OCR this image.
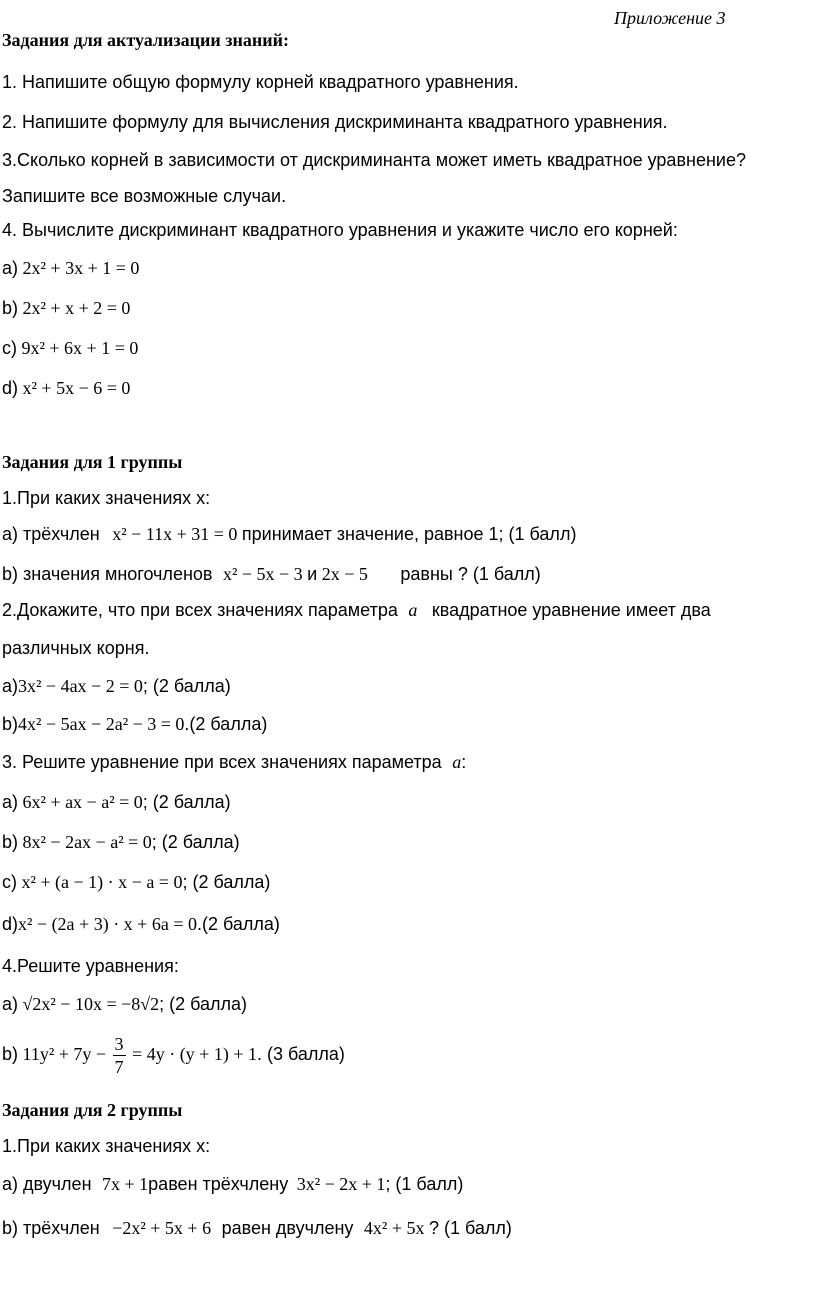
Приложение 3
Задания для актуализации знаний:
1. Напишите общую формулу корней квадратного уравнения.
2. Напишите формулу для вычисления дискриминанта квадратного уравнения.
3.Сколько корней в зависимости от дискриминанта может иметь квадратное уравнение?
Запишите все возможные случаи.
4. Вычислите дискриминант квадратного уравнения и укажите число его корней:
a) 2x² + 3x + 1 = 0
b) 2x² + x + 2 = 0
c) 9x² + 6x + 1 = 0
d) x² + 5x − 6 = 0
Задания для 1 группы
1.При каких значениях х:
а) трёхчлен x² − 11x + 31 = 0 принимает значение, равное 1; (1 балл)
b) значения многочленов x² − 5x − 3 и 2x − 5 равны ? (1 балл)
2.Докажите, что при всех значениях параметра a квадратное уравнение имеет два
различных корня.
а)3x² − 4ax − 2 = 0; (2 балла)
b)4x² − 5ax − 2a² − 3 = 0.(2 балла)
3. Решите уравнение при всех значениях параметра a:
а) 6x² + ax − a² = 0; (2 балла)
b) 8x² − 2ax − a² = 0; (2 балла)
c) x² + (a − 1) · x − a = 0; (2 балла)
d)x² − (2a + 3) · x + 6a = 0.(2 балла)
4.Решите уравнения:
а) √2x² − 10x = −8√2; (2 балла)
b) $11y^2 + 7y - \frac{3}{7} = 4y \cdot (y + 1) + 1$. (3 балла)
Задания для 2 группы
1.При каких значениях х:
а) двучлен 7x + 1равен трёхчлену 3x² − 2x + 1; (1 балл)
b) трёхчлен −2x² + 5x + 6 равен двучлену 4x² + 5x ? (1 балл)
